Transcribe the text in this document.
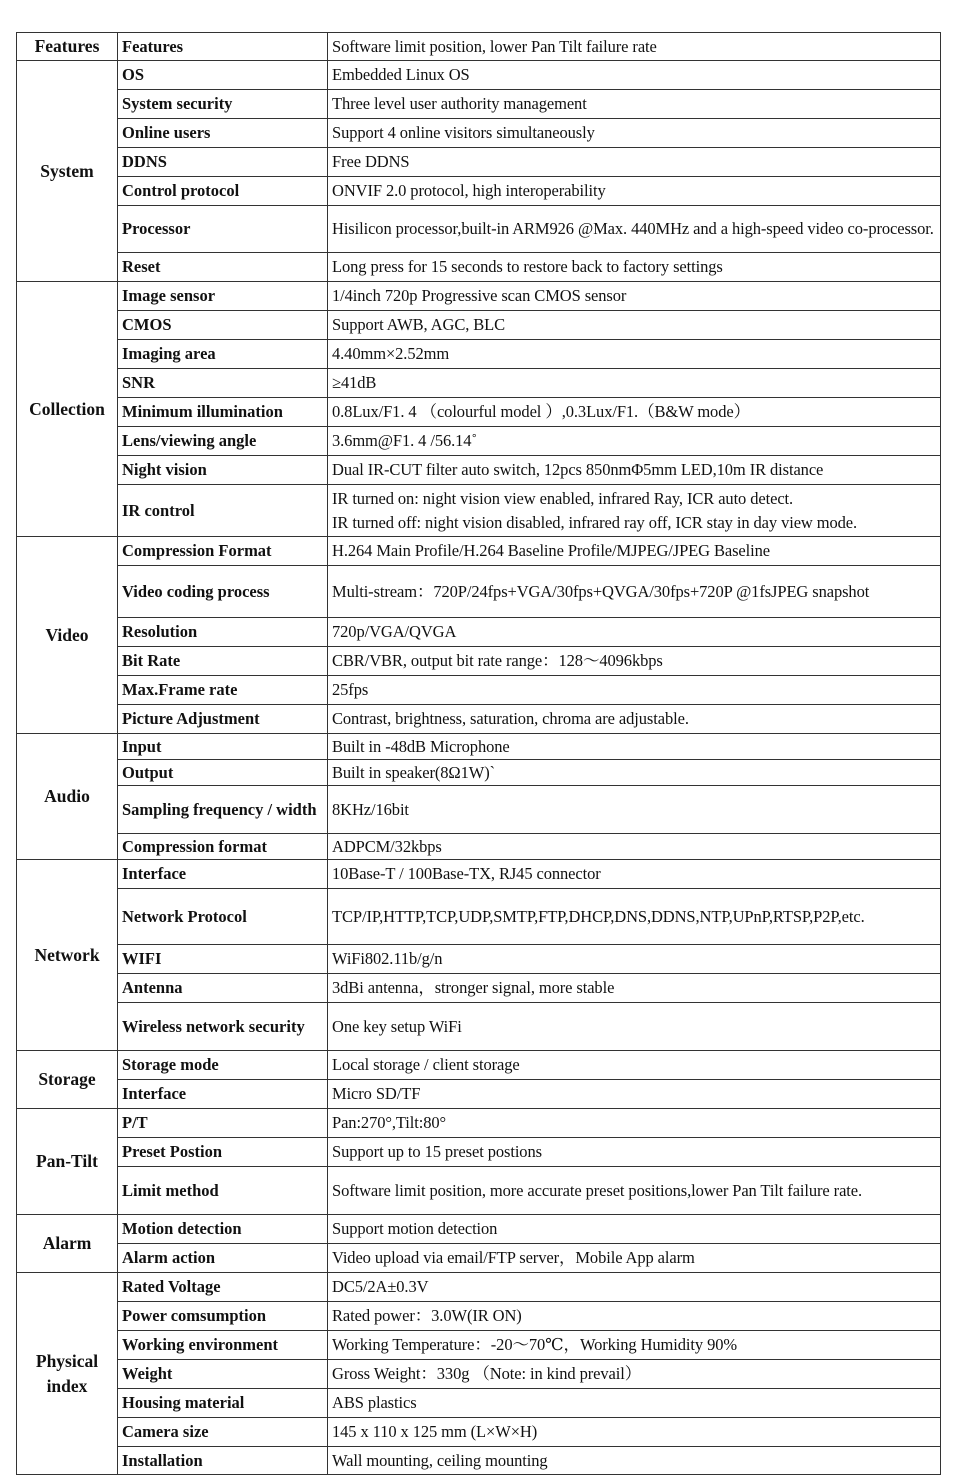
Features	Features	Software limit position, lower Pan Tilt failure rate
System	OS	Embedded Linux OS
	System security	Three level user authority management
	Online users	Support 4 online visitors simultaneously
	DDNS	Free DDNS
	Control protocol	ONVIF 2.0 protocol, high interoperability
	Processor	Hisilicon processor,built-in ARM926 @Max. 440MHz and a high-speed video co-processor.
	Reset	Long press for 15 seconds to restore back to factory settings
Collection	Image sensor	1/4inch 720p Progressive scan CMOS sensor
	CMOS	Support AWB, AGC, BLC
	Imaging area	4.40mm×2.52mm
	SNR	≥41dB
	Minimum illumination	0.8Lux/F1. 4 （colourful model ）,0.3Lux/F1.（B&W mode）
	Lens/viewing angle	3.6mm@F1. 4 /56.14˚
	Night vision	Dual IR-CUT filter auto switch, 12pcs 850nmΦ5mm LED,10m IR distance
	IR control	IR turned on: night vision view enabled, infrared Ray, ICR auto detect.
IR turned off: night vision disabled, infrared ray off, ICR stay in day view mode.
Video	Compression Format	H.264 Main Profile/H.264 Baseline Profile/MJPEG/JPEG Baseline
	Video coding process	Multi-stream：720P/24fps+VGA/30fps+QVGA/30fps+720P @1fsJPEG snapshot
	Resolution	720p/VGA/QVGA
	Bit Rate	CBR/VBR, output bit rate range：128～4096kbps
	Max.Frame rate	25fps
	Picture Adjustment	Contrast, brightness, saturation, chroma are adjustable.
Audio	Input	Built in -48dB Microphone
	Output	Built in speaker(8Ω1W)`
	Sampling frequency / width	8KHz/16bit
	Compression format	ADPCM/32kbps
Network	Interface	10Base-T / 100Base-TX, RJ45 connector
	Network Protocol	TCP/IP,HTTP,TCP,UDP,SMTP,FTP,DHCP,DNS,DDNS,NTP,UPnP,RTSP,P2P,etc.
	WIFI	WiFi802.11b/g/n
	Antenna	3dBi antenna，stronger signal, more stable
	Wireless network security	One key setup WiFi
Storage	Storage mode	Local storage / client storage
	Interface	Micro SD/TF
Pan-Tilt	P/T	Pan:270°,Tilt:80°
	Preset Postion	Support up to 15 preset postions
	Limit method	Software limit position, more accurate preset positions,lower Pan Tilt failure rate.
Alarm	Motion detection	Support motion detection
	Alarm action	Video upload via email/FTP server，Mobile App alarm
Physical index	Rated Voltage	DC5/2A±0.3V
	Power comsumption	Rated power：3.0W(IR ON)
	Working environment	Working Temperature：-20～70℃，Working Humidity 90%
	Weight	Gross Weight：330g （Note: in kind prevail）
	Housing material	ABS plastics
	Camera size	145 x 110 x 125 mm (L×W×H)
	Installation	Wall mounting, ceiling mounting
